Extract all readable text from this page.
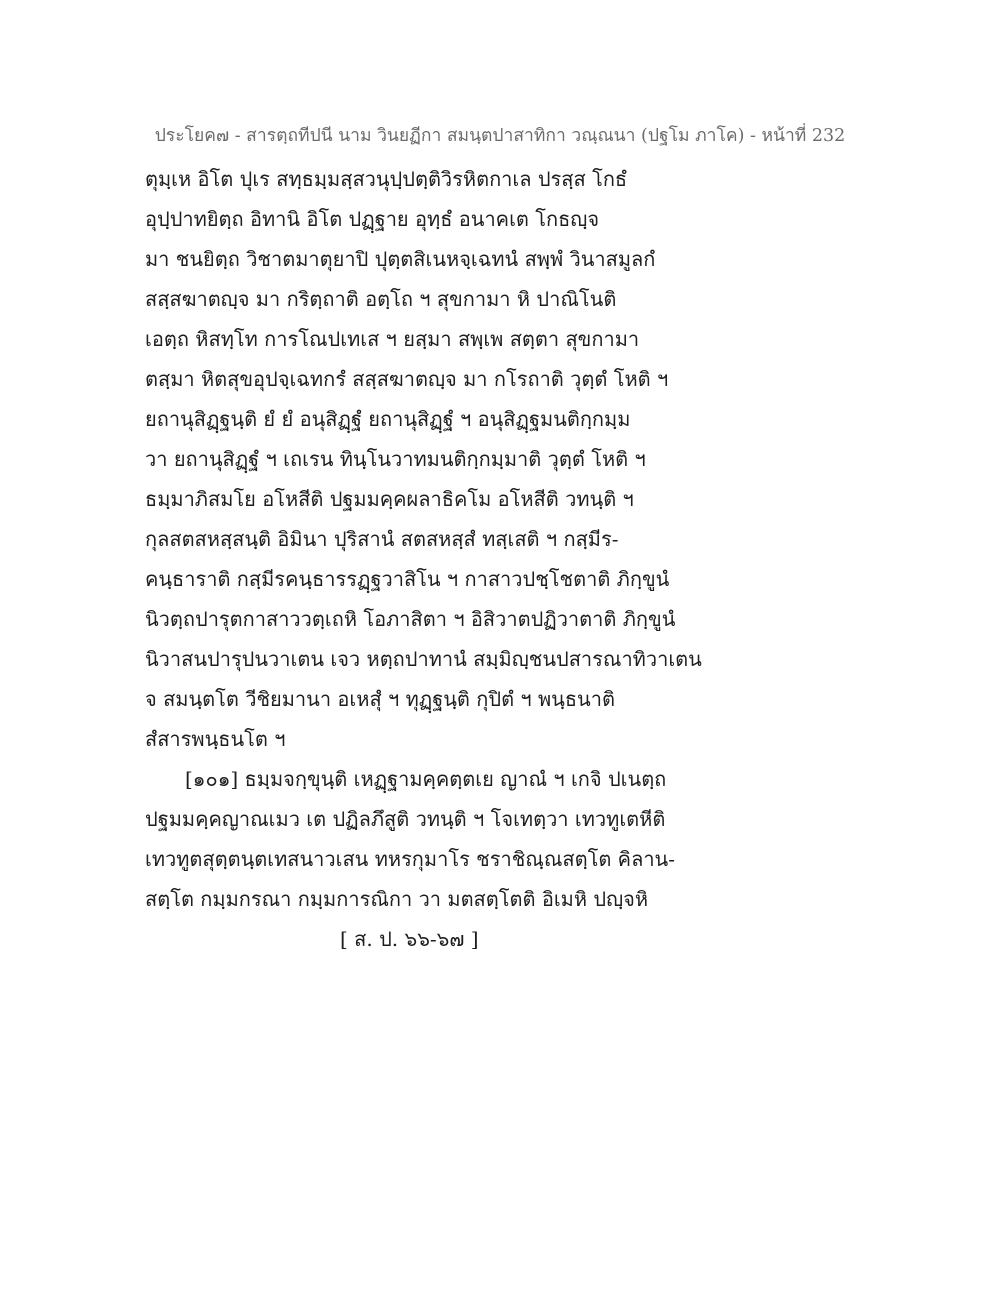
ประโยค๗ - สารตฺถทีปนี นาม วินยฏีกา สมนฺตปาสาทิกา วณฺณนา (ปฐโม ภาโค) - หน้าที่ 232
ตุมฺเห อิโต ปุเร สทฺธมฺมสฺสวนุปฺปตฺติวิรหิตกาเล ปรสฺส โกธํ
อุปฺปาทยิตฺถ อิทานิ อิโต ปฏฺฐาย อุทฺธํ อนาคเต โกธญฺจ
มา ชนยิตฺถ วิชาตมาตุยาปิ ปุตฺตสิเนหจฺเฉทนํ สพฺพํ วินาสมูลกํ
สสฺสฆาตญฺจ มา กริตฺถาติ อตฺโถ ฯ สุขกามา หิ ปาณิโนติ
เอตฺถ หิสทฺโท การโณปเทเส ฯ ยสฺมา สพฺเพ สตฺตา สุขกามา
ตสฺมา หิตสุขอุปจฺเฉทกรํ สสฺสฆาตญฺจ มา กโรถาติ วุตฺตํ โหติ ฯ
ยถานุสิฏฺฐนฺติ ยํ ยํ อนุสิฏฺฐํ ยถานุสิฏฺฐํ ฯ อนุสิฏฺฐมนติกฺกมฺม
วา ยถานุสิฏฺฐํ ฯ เถเรน ทินฺโนวาทมนติกฺกมฺมาติ วุตฺตํ โหติ ฯ
ธมฺมาภิสมโย อโหสีติ ปฐมมคฺคผลาธิคโม อโหสีติ วทนฺติ ฯ
กุลสตสหสฺสนฺติ อิมินา ปุริสานํ สตสหสฺสํ ทสฺเสติ ฯ กสฺมีร-
คนฺธาราติ กสฺมีรคนฺธารรฏฺฐวาสิโน ฯ กาสาวปชฺโชตาติ ภิกฺขูนํ
นิวตฺถปารุตกาสาววตฺเถหิ โอภาสิตา ฯ อิสิวาตปฏิวาตาติ ภิกฺขูนํ
นิวาสนปารุปนวาเตน เจว หตฺถปาทานํ สมฺมิญฺชนปสารณาทิวาเตน
จ สมนฺตโต วีชิยมานา อเหสุํ ฯ ทุฏฺฐนฺติ กุปิตํ ฯ พนฺธนาติ
สํสารพนฺธนโต ฯ
[๑๐๑] ธมฺมจกฺขุนฺติ เหฏฺฐามคฺคตฺตเย ญาณํ ฯ เกจิ ปเนตฺถ
ปฐมมคฺคญาณเมว เต ปฏิลภึสูติ วทนฺติ ฯ โจเทตฺวา เทวทูเตหีติ
เทวทูตสุตฺตนฺตเทสนาวเสน ทหรกุมาโร ชราชิณฺณสตฺโต คิลาน-
สตฺโต กมฺมกรณา กมฺมการณิกา วา มตสตฺโตติ อิเมหิ ปญฺจหิ
[ ส. ป. ๖๖-๖๗ ]
